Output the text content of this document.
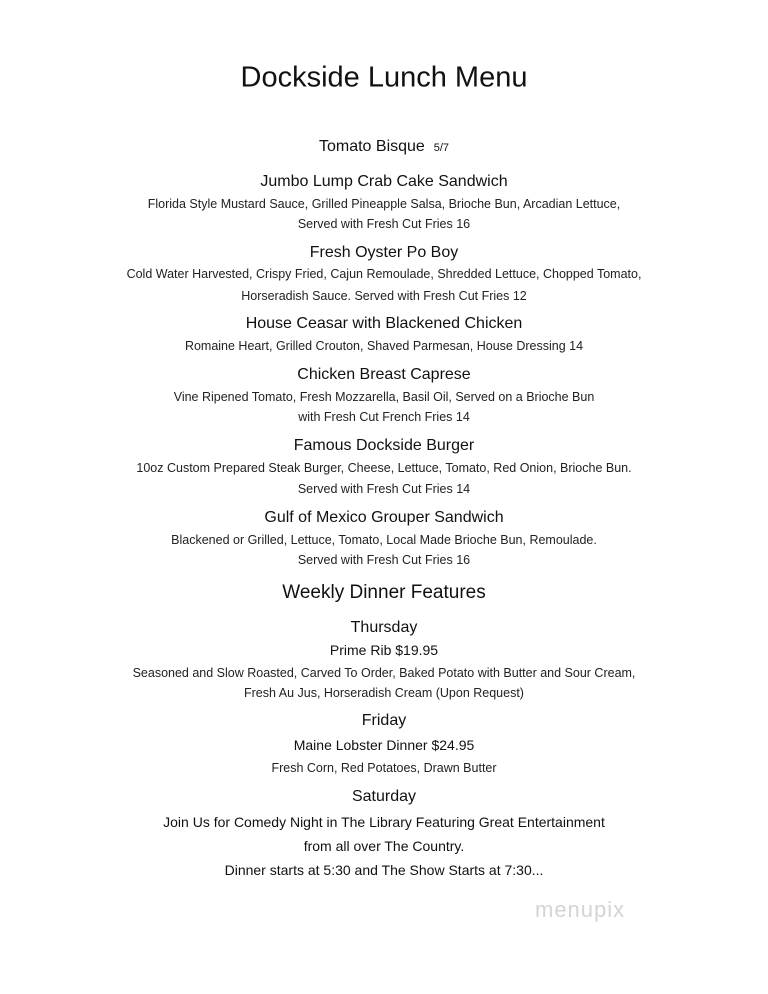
Dockside Lunch Menu
Tomato Bisque 5/7
Jumbo Lump Crab Cake Sandwich
Florida Style Mustard Sauce, Grilled Pineapple Salsa, Brioche Bun, Arcadian Lettuce,
Served with Fresh Cut Fries 16
Fresh Oyster Po Boy
Cold Water Harvested, Crispy Fried, Cajun Remoulade, Shredded Lettuce, Chopped Tomato,
Horseradish Sauce. Served with Fresh Cut Fries 12
House Ceasar with Blackened Chicken
Romaine Heart, Grilled Crouton, Shaved Parmesan, House Dressing 14
Chicken Breast Caprese
Vine Ripened Tomato, Fresh Mozzarella, Basil Oil, Served on a Brioche Bun
with Fresh Cut French Fries 14
Famous Dockside Burger
10oz Custom Prepared Steak Burger, Cheese, Lettuce, Tomato, Red Onion, Brioche Bun.
Served with Fresh Cut Fries 14
Gulf of Mexico Grouper Sandwich
Blackened or Grilled, Lettuce, Tomato, Local Made Brioche Bun, Remoulade.
Served with Fresh Cut Fries 16
Weekly Dinner Features
Thursday
Prime Rib $19.95
Seasoned and Slow Roasted, Carved To Order, Baked Potato with Butter and Sour Cream,
Fresh Au Jus, Horseradish Cream (Upon Request)
Friday
Maine Lobster Dinner $24.95
Fresh Corn, Red Potatoes, Drawn Butter
Saturday
Join Us for Comedy Night in The Library Featuring Great Entertainment
from all over The Country.
Dinner starts at 5:30 and The Show Starts at 7:30...
menupix
